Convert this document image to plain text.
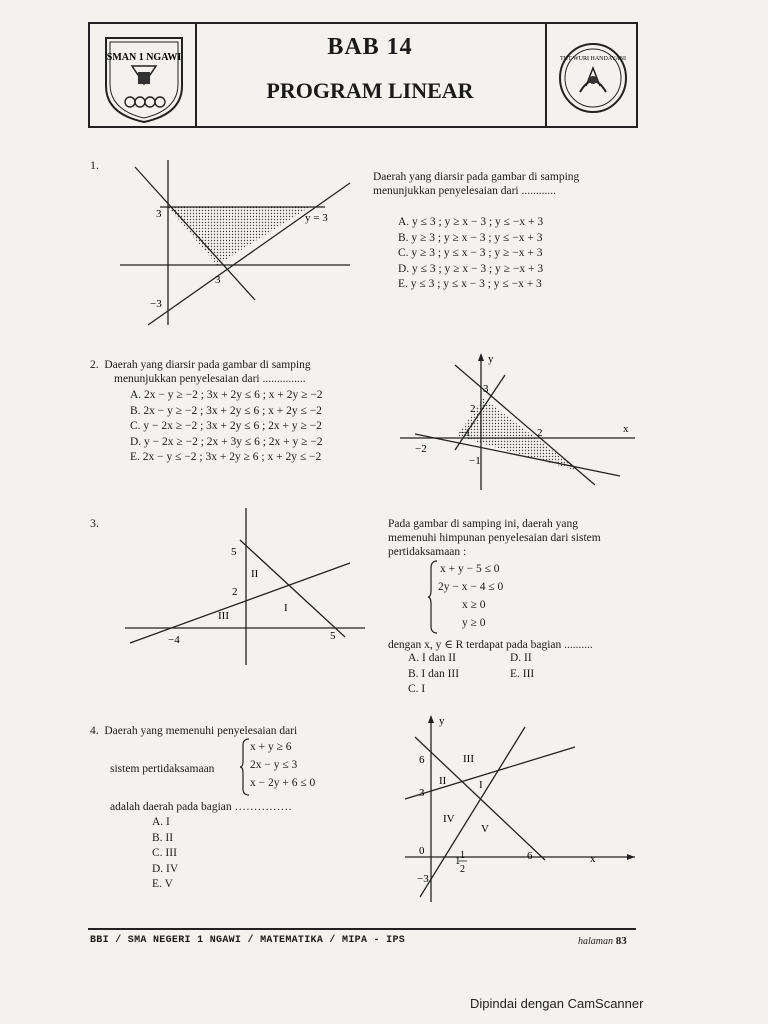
SMAN 1 NGAWI	BAB 14
PROGRAM LINEAR
TUT WURI HANDAYANI
1.
3	y = 3
3
−3
Daerah yang diarsir pada gambar di samping
menunjukkan penyelesaian dari ............
A. y ≤ 3 ; y ≥ x − 3 ; y ≤ −x + 3
B. y ≥ 3 ; y ≥ x − 3 ; y ≤ −x + 3
C. y ≥ 3 ; y ≤ x − 3 ; y ≥ −x + 3
D. y ≤ 3 ; y ≥ x − 3 ; y ≥ −x + 3
E. y ≤ 3 ; y ≤ x − 3 ; y ≤ −x + 3
2. Daerah yang diarsir pada gambar di samping
menunjukkan penyelesaian dari ...............
A. 2x − y ≥ −2 ; 3x + 2y ≤ 6 ; x + 2y ≥ −2
B. 2x − y ≥ −2 ; 3x + 2y ≤ 6 ; x + 2y ≤ −2
C. y − 2x ≥ −2 ; 3x + 2y ≤ 6 ; 2x + y ≥ −2
D. y − 2x ≥ −2 ; 2x + 3y ≤ 6 ; 2x + y ≥ −2
E. 2x − y ≤ −2 ; 3x + 2y ≥ 6 ; x + 2y ≤ −2
y
x
3
2
−1	2
−2
−1
3.
5
2
−4	5
II
III
I
Pada gambar di samping ini, daerah yang
memenuhi himpunan penyelesaian dari sistem
pertidaksamaan :
x + y − 5 ≤ 0
2y − x − 4 ≤ 0
x ≥ 0
y ≥ 0
dengan x, y ∈ R terdapat pada bagian ..........
A. I dan II
B. I dan III
C. I
D. II
E. III
4. Daerah yang memenuhi penyelesaian dari
sistem pertidaksamaan
x + y ≥ 6
2x − y ≤ 3
x − 2y + 6 ≤ 0
adalah daerah pada bagian ……………
A. I
B. II
C. III
D. IV
E. V
y
x
6
3
0
−3
1 1
2
6
III
II	I
IV
V
BBI / SMA NEGERI 1 NGAWI / MATEMATIKA / MIPA - IPS	halaman 83
Dipindai dengan CamScanner
